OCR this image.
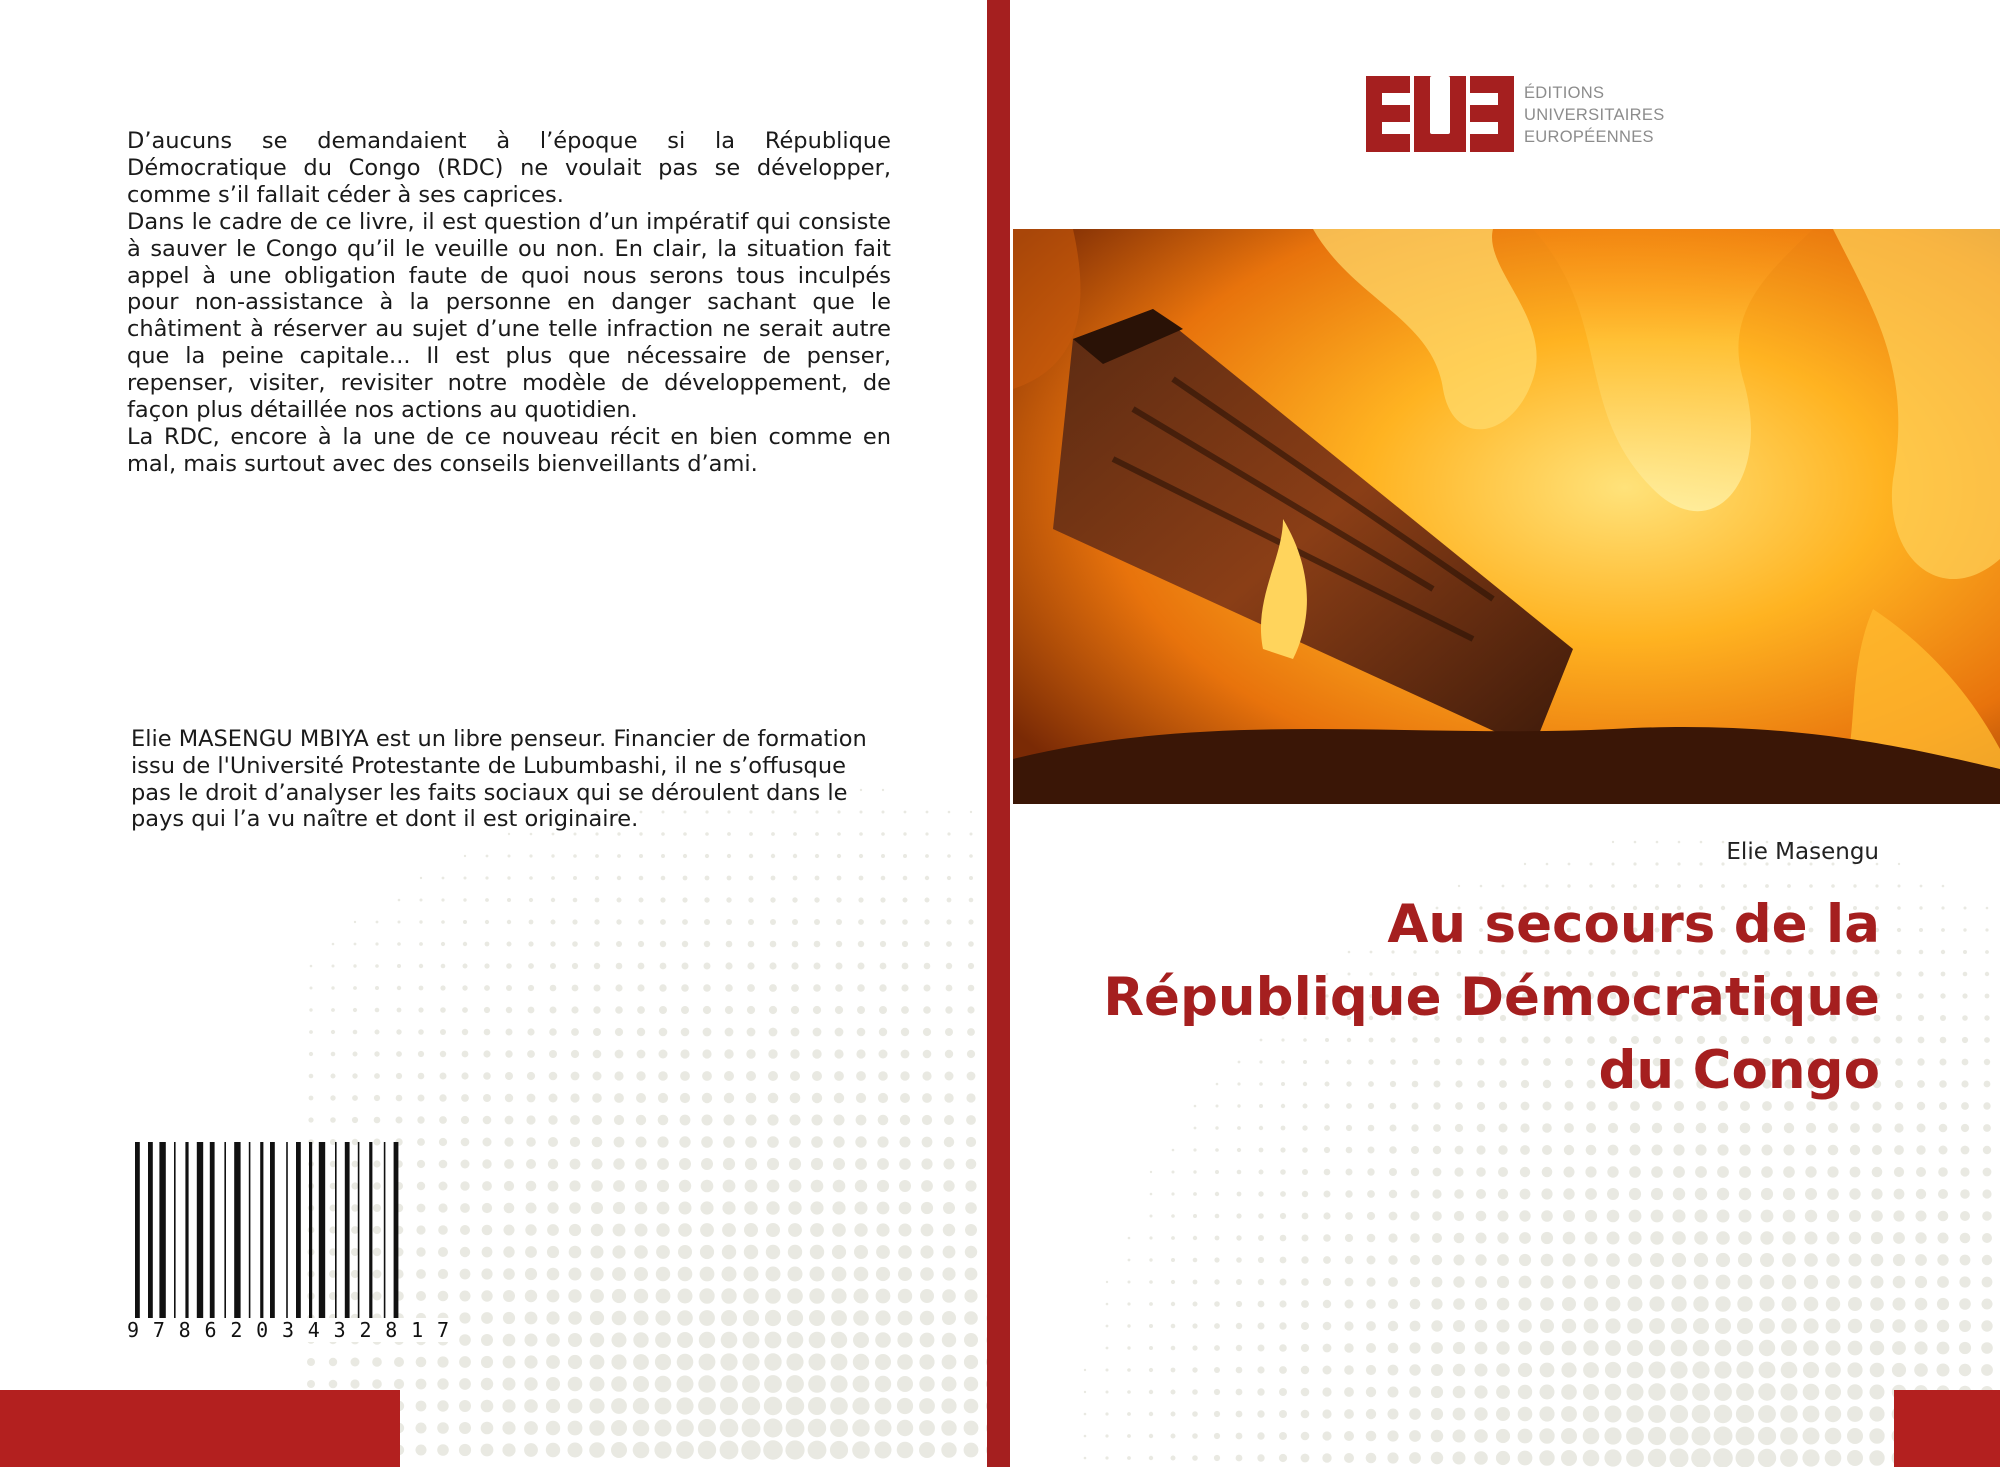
D’aucuns se demandaient à l’époque si la République Démocratique du Congo (RDC) ne voulait pas se développer, comme s’il fallait céder à ses caprices.

Dans le cadre de ce livre, il est question d’un impératif qui consiste à sauver le Congo qu’il le veuille ou non. En clair, la situation fait appel à une obligation faute de quoi nous serons tous inculpés pour non-assistance à la personne en danger sachant que le châtiment à réserver au sujet d’une telle infraction ne serait autre que la peine capitale... Il est plus que nécessaire de penser, repenser, visiter, revisiter notre modèle de développement, de façon plus détaillée nos actions au quotidien.

La RDC, encore à la une de ce nouveau récit en bien comme en mal, mais surtout avec des conseils bienveillants d’ami.

Elie MASENGU MBIYA est un libre penseur. Financier de formation issu de l'Université Protestante de Lubumbashi, il ne s’offusque pas le droit d’analyser les faits sociaux qui se déroulent dans le pays qui l’a vu naître et dont il est originaire.

9 7 8 6 2 0 3 4 3 2 8 1 7
ÉDITIONS
UNIVERSITAIRES
EUROPÉENNES
Elie Masengu
Au secours de la
République Démocratique
du Congo
